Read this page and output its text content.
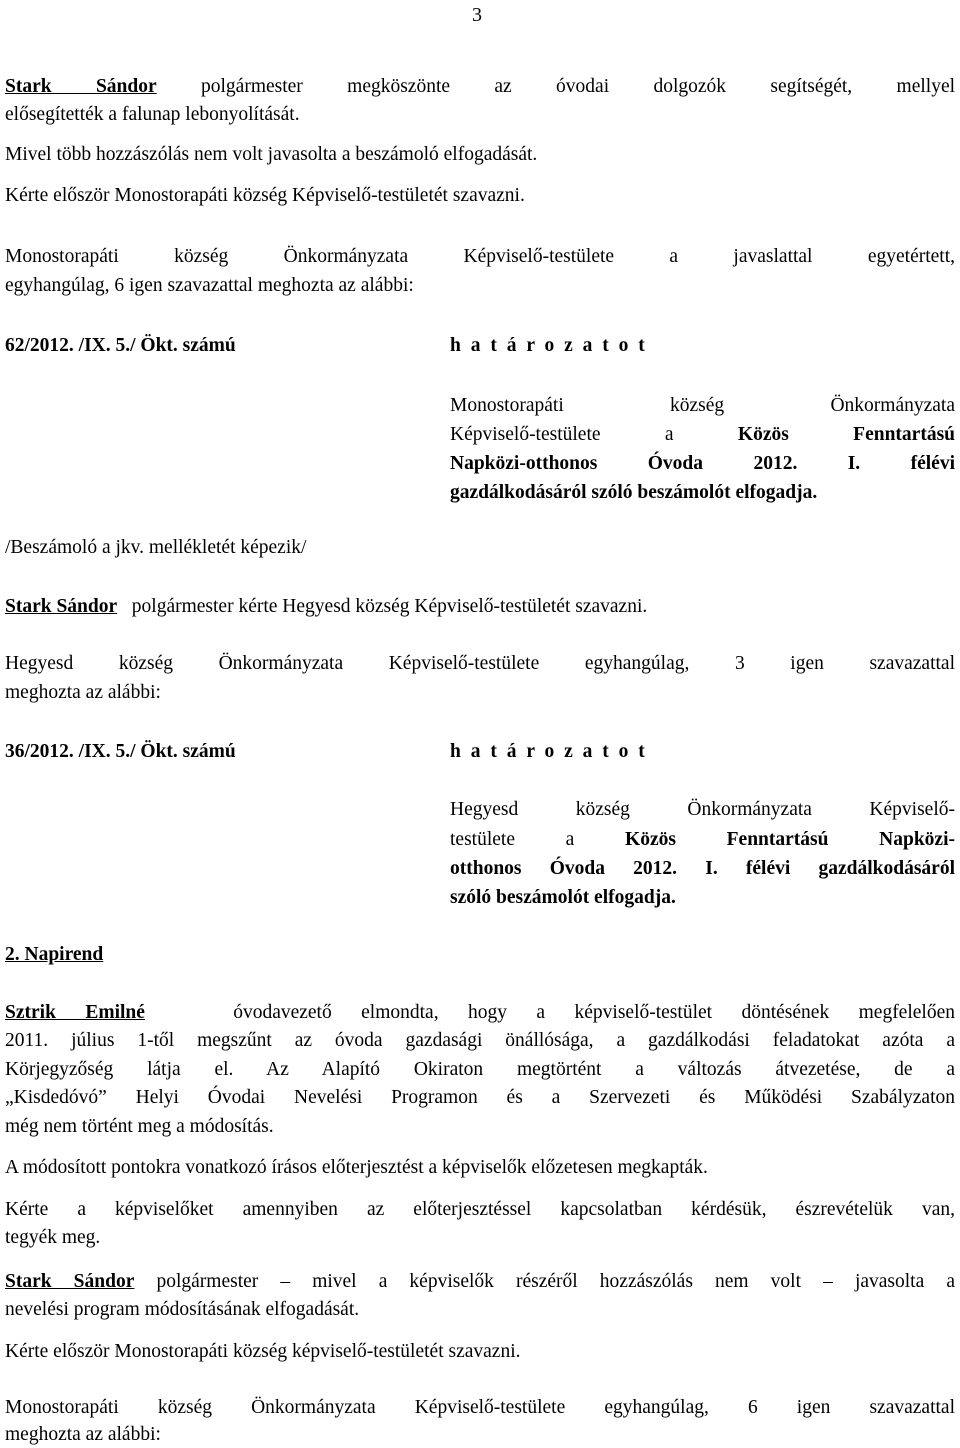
3
Stark Sándor polgármester megköszönte az óvodai dolgozók segítségét, mellyel
elősegítették a falunap lebonyolítását.
Mivel több hozzászólás nem volt javasolta a beszámoló elfogadását.
Kérte először Monostorapáti község Képviselő-testületét szavazni.
Monostorapáti község Önkormányzata Képviselő-testülete a javaslattal egyetértett,
egyhangúlag, 6 igen szavazattal meghozta az alábbi:
62/2012. /IX. 5./ Ökt. számú	h a t á r o z a t o t
Monostorapáti község Önkormányzata
Képviselő-testülete a	Közös Fenntartású
Napközi-otthonos Óvoda 2012. I. félévi
gazdálkodásáról szóló beszámolót elfogadja.
/Beszámoló a jkv. mellékletét képezik/
Stark Sándor polgármester kérte Hegyesd község Képviselő-testületét szavazni.
Hegyesd község Önkormányzata Képviselő-testülete egyhangúlag, 3 igen szavazattal
meghozta az alábbi:
36/2012. /IX. 5./ Ökt. számú	h a t á r o z a t o t
Hegyesd község Önkormányzata Képviselő-
testülete a	Közös Fenntartású Napközi-
otthonos Óvoda 2012. I. félévi gazdálkodásáról
szóló beszámolót elfogadja.
2. Napirend
Sztrik Emilné	óvodavezető elmondta, hogy a képviselő-testület döntésének megfelelően
2011. július 1-től megszűnt az óvoda gazdasági önállósága, a gazdálkodási feladatokat azóta a
Körjegyzőség látja el. Az Alapító Okiraton megtörtént a változás átvezetése, de a
„Kisdedóvó” Helyi Óvodai Nevelési Programon és a Szervezeti és Működési Szabályzaton
még nem történt meg a módosítás.
A módosított pontokra vonatkozó írásos előterjesztést a képviselők előzetesen megkapták.
Kérte a képviselőket amennyiben az előterjesztéssel kapcsolatban kérdésük, észrevételük van,
tegyék meg.
Stark Sándor polgármester – mivel a képviselők részéről hozzászólás nem volt – javasolta a
nevelési program módosításának elfogadását.
Kérte először Monostorapáti község képviselő-testületét szavazni.
Monostorapáti község Önkormányzata Képviselő-testülete egyhangúlag, 6 igen szavazattal
meghozta az alábbi:
